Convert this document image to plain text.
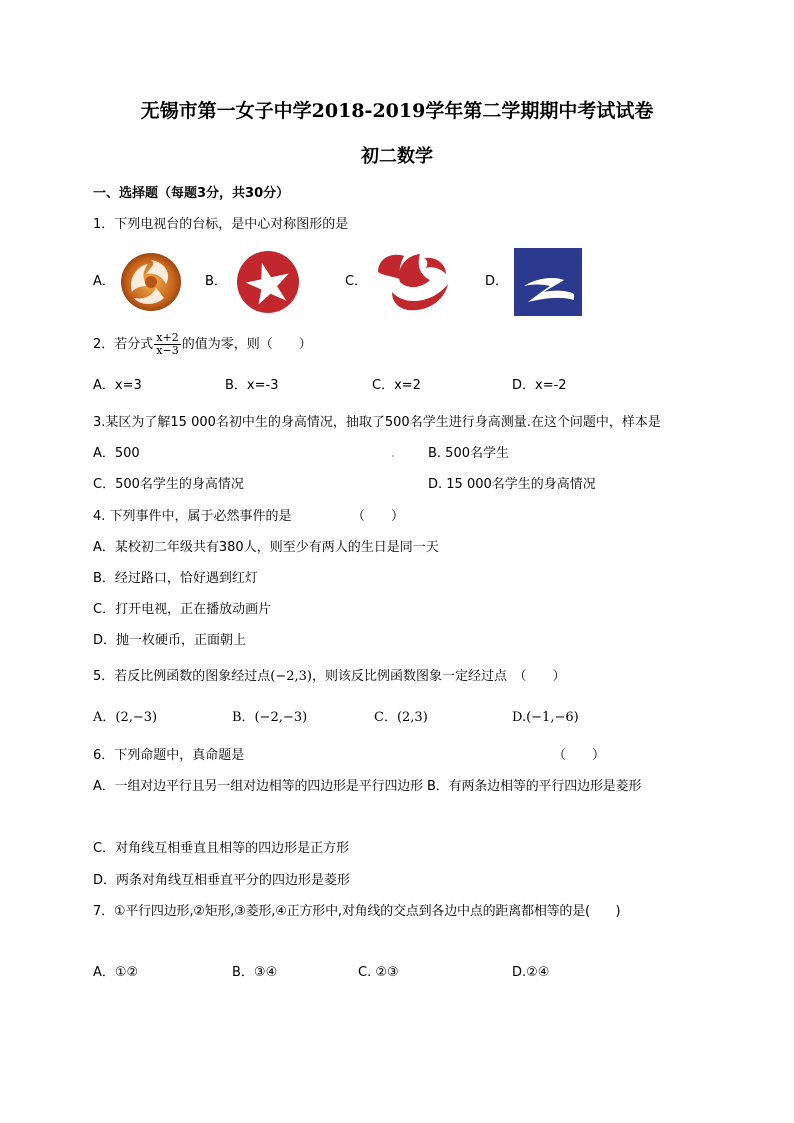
无锡市第一女子中学2018-2019学年第二学期期中考试试卷
初二数学
一、选择题（每题3分，共30分）
1．下列电视台的台标，是中心对称图形的是
A．	B．	C．	D．
2．若分式 $\frac{x+2}{x-3}$ 的值为零，则（　　）
A．x=3	B．x=-3	C．x=2	D．x=-2
3.某区为了解15 000名初中生的身高情况，抽取了500名学生进行身高测量.在这个问题中，样本是
A．500	B. 500名学生
C．500名学生的身高情况	D. 15 000名学生的身高情况
4. 下列事件中，属于必然事件的是	（　　）
A．某校初二年级共有380人，则至少有两人的生日是同一天
B．经过路口，恰好遇到红灯
C．打开电视，正在播放动画片
D．抛一枚硬币，正面朝上
5．若反比例函数的图象经过点(−2,3)，则该反比例函数图象一定经过点　（　　）
A．(2,−3)	B．(−2,−3)	C．(2,3)	D.(−1,−6)
6．下列命题中，真命题是	（　　）
A．一组对边平行且另一组对边相等的四边形是平行四边形 B．有两条边相等的平行四边形是菱形
C．对角线互相垂直且相等的四边形是正方形
D．两条对角线互相垂直平分的四边形是菱形
7．①平行四边形,②矩形,③菱形,④正方形中,对角线的交点到各边中点的距离都相等的是(　　)
A．①②	B．③④	C. ②③	D.②④
